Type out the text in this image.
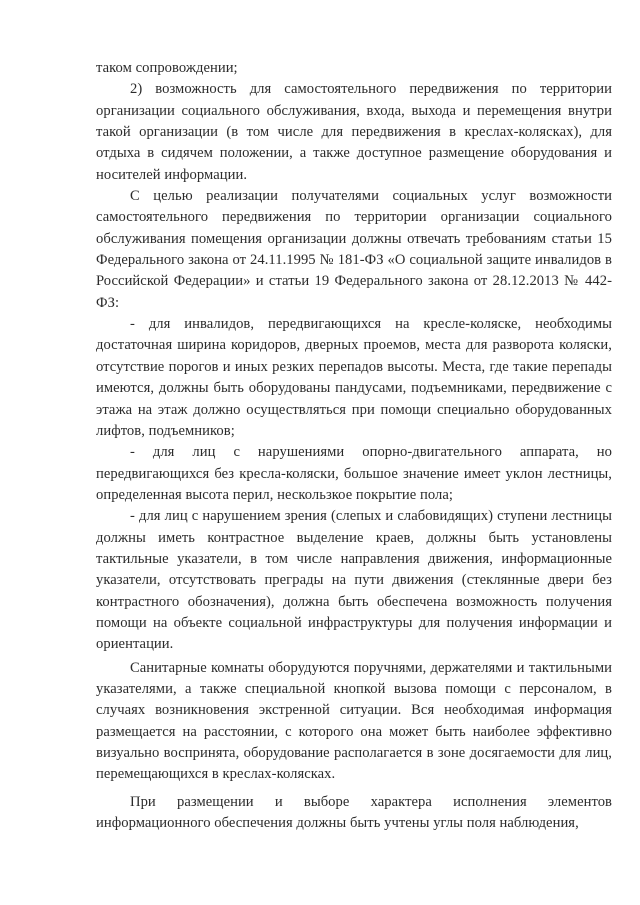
таком сопровождении;

2) возможность для самостоятельного передвижения по территории организации социального обслуживания, входа, выхода и перемещения внутри такой организации (в том числе для передвижения в креслах-колясках), для отдыха в сидячем положении, а также доступное размещение оборудования и носителей информации.

С целью реализации получателями социальных услуг возможности самостоятельного передвижения по территории организации социального обслуживания помещения организации должны отвечать требованиям статьи 15 Федерального закона от 24.11.1995 № 181-ФЗ «О социальной защите инвалидов в Российской Федерации» и статьи 19 Федерального закона от 28.12.2013 № 442-ФЗ:

- для инвалидов, передвигающихся на кресле-коляске, необходимы достаточная ширина коридоров, дверных проемов, места для разворота коляски, отсутствие порогов и иных резких перепадов высоты. Места, где такие перепады имеются, должны быть оборудованы пандусами, подъемниками, передвижение с этажа на этаж должно осуществляться при помощи специально оборудованных лифтов, подъемников;

- для лиц с нарушениями опорно-двигательного аппарата, но передвигающихся без кресла-коляски, большое значение имеет уклон лестницы, определенная высота перил, нескользкое покрытие пола;

- для лиц с нарушением зрения (слепых и слабовидящих) ступени лестницы должны иметь контрастное выделение краев, должны быть установлены тактильные указатели, в том числе направления движения, информационные указатели, отсутствовать преграды на пути движения (стеклянные двери без контрастного обозначения), должна быть обеспечена возможность получения помощи на объекте социальной инфраструктуры для получения информации и ориентации.

Санитарные комнаты оборудуются поручнями, держателями и тактильными указателями, а также специальной кнопкой вызова помощи с персоналом, в случаях возникновения экстренной ситуации. Вся необходимая информация размещается на расстоянии, с которого она может быть наиболее эффективно визуально воспринята, оборудование располагается в зоне досягаемости для лиц, перемещающихся в креслах-колясках.

При размещении и выборе характера исполнения элементов информационного обеспечения должны быть учтены углы поля наблюдения,
